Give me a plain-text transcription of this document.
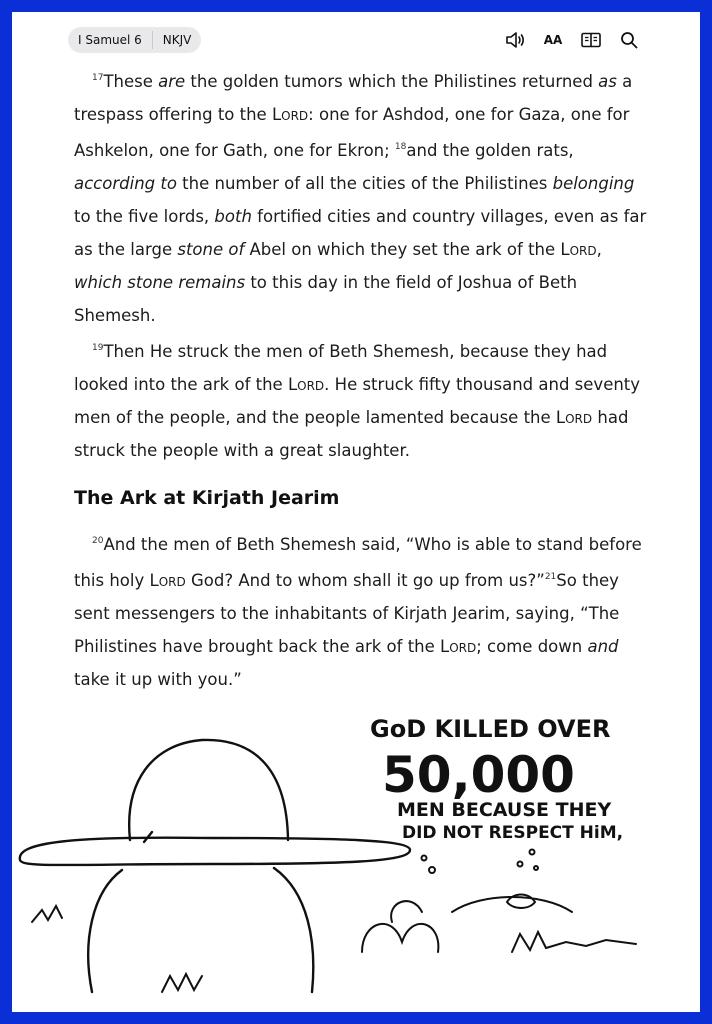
I Samuel 6	NKJV	AA

$^{17}$These are the golden tumors which the Philistines returned as a trespass offering to the Lord: one for Ashdod, one for Gaza, one for Ashkelon, one for Gath, one for Ekron; $^{18}$and the golden rats, according to the number of all the cities of the Philistines belonging to the five lords, both fortified cities and country villages, even as far as the large stone of Abel on which they set the ark of the Lord, which stone remains to this day in the field of Joshua of Beth Shemesh.

$^{19}$Then He struck the men of Beth Shemesh, because they had looked into the ark of the Lord. He struck fifty thousand and seventy men of the people, and the people lamented because the Lord had struck the people with a great slaughter.

The Ark at Kirjath Jearim

$^{20}$And the men of Beth Shemesh said, “Who is able to stand before this holy Lord God? And to whom shall it go up from us?”$^{21}$So they sent messengers to the inhabitants of Kirjath Jearim, saying, “The Philistines have brought back the ark of the Lord; come down and take it up with you.”

GoD KILLED OVER
50,000
MEN BECAUSE THEY
DID NOT RESPECT HiM,
